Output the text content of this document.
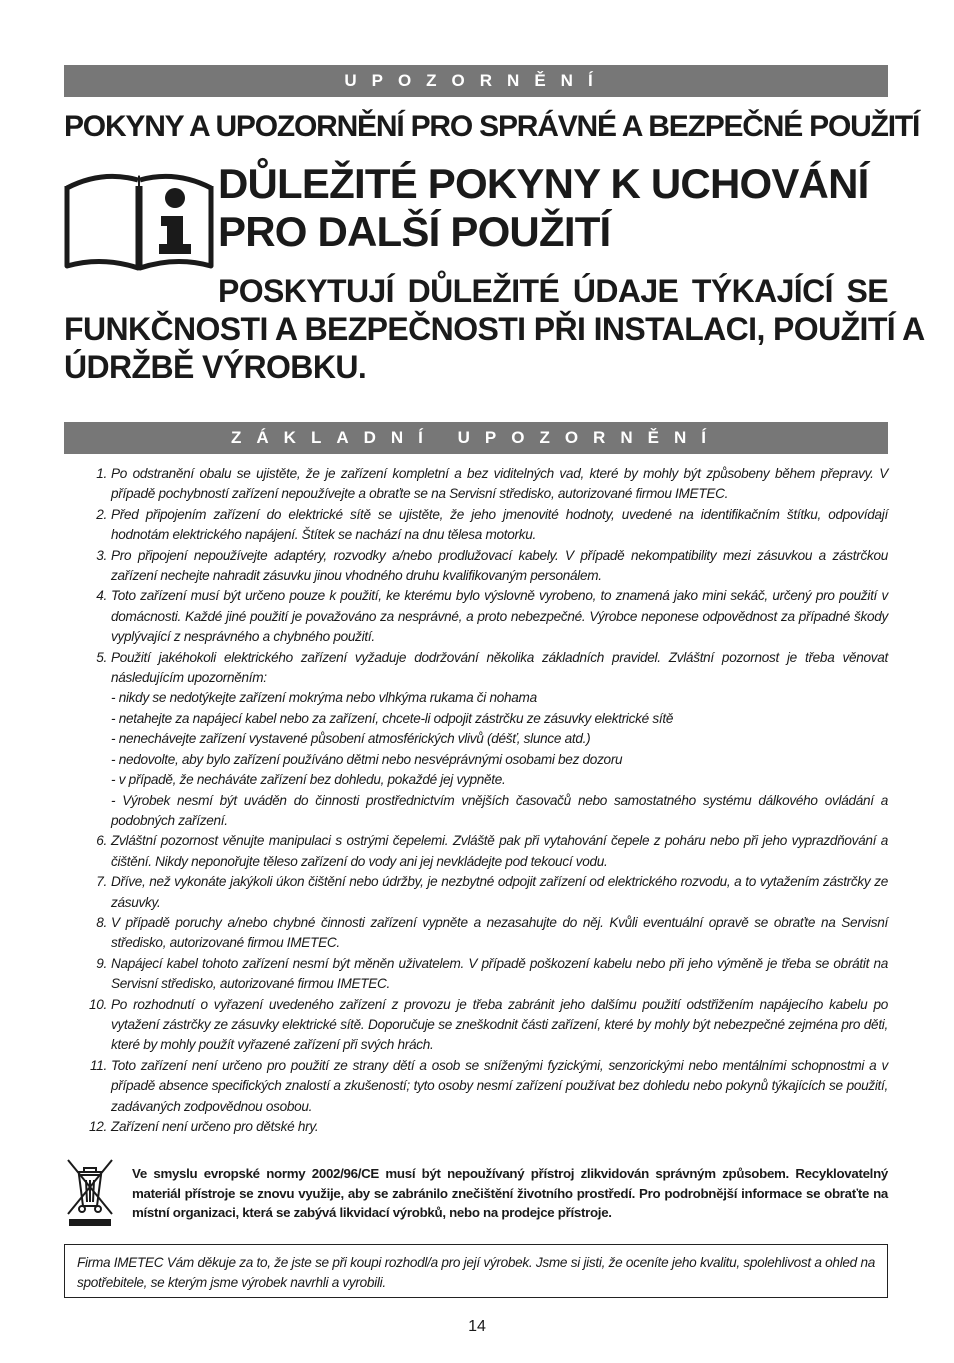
UPOZORNĚNÍ
POKYNY A UPOZORNĚNÍ PRO SPRÁVNÉ A BEZPEČNÉ POUŽITÍ
DŮLEŽITÉ POKYNY K UCHOVÁNÍ
PRO DALŠÍ POUŽITÍ
POSKYTUJÍ DŮLEŽITÉ ÚDAJE TÝKAJÍCÍ SE
FUNKČNOSTI A BEZPEČNOSTI PŘI INSTALACI, POUŽITÍ A
ÚDRŽBĚ VÝROBKU.
ZÁKLADNÍ UPOZORNĚNÍ
1. Po odstranění obalu se ujistěte, že je zařízení kompletní a bez viditelných vad, které by mohly být způsobeny během přepravy. V případě pochybností zařízení nepoužívejte a obraťte se na Servisní středisko, autorizované firmou IMETEC.
2. Před připojením zařízení do elektrické sítě se ujistěte, že jeho jmenovité hodnoty, uvedené na identifikačním štítku, odpovídají hodnotám elektrického napájení. Štítek se nachází na dnu tělesa motorku.
3. Pro připojení nepoužívejte adaptéry, rozvodky a/nebo prodlužovací kabely. V případě nekompatibility mezi zásuvkou a zástrčkou zařízení nechejte nahradit zásuvku jinou vhodného druhu kvalifikovaným personálem.
4. Toto zařízení musí být určeno pouze k použití, ke kterému bylo výslovně vyrobeno, to znamená jako mini sekáč, určený pro použití v domácnosti. Každé jiné použití je považováno za nesprávné, a proto nebezpečné. Výrobce neponese odpovědnost za případné škody vyplývající z nesprávného a chybného použití.
5. Použití jakéhokoli elektrického zařízení vyžaduje dodržování několika základních pravidel. Zvláštní pozornost je třeba věnovat následujícím upozorněním:
- nikdy se nedotýkejte zařízení mokrýma nebo vlhkýma rukama či nohama
- netahejte za napájecí kabel nebo za zařízení, chcete-li odpojit zástrčku ze zásuvky elektrické sítě
- nenechávejte zařízení vystavené působení atmosférických vlivů (déšť, slunce atd.)
- nedovolte, aby bylo zařízení používáno dětmi nebo nesvéprávnými osobami bez dozoru
- v případě, že necháváte zařízení bez dohledu, pokaždé jej vypněte.
- Výrobek nesmí být uváděn do činnosti prostřednictvím vnějších časovačů nebo samostatného systému dálkového ovládání a podobných zařízení.
6. Zvláštní pozornost věnujte manipulaci s ostrými čepelemi. Zvláště pak při vytahování čepele z poháru nebo při jeho vyprazdňování a čištění. Nikdy neponořujte těleso zařízení do vody ani jej nevkládejte pod tekoucí vodu.
7. Dříve, než vykonáte jakýkoli úkon čištění nebo údržby, je nezbytné odpojit zařízení od elektrického rozvodu, a to vytažením zástrčky ze zásuvky.
8. V případě poruchy a/nebo chybné činnosti zařízení vypněte a nezasahujte do něj. Kvůli eventuální opravě se obraťte na Servisní středisko, autorizované firmou IMETEC.
9. Napájecí kabel tohoto zařízení nesmí být měněn uživatelem. V případě poškození kabelu nebo při jeho výměně je třeba se obrátit na Servisní středisko, autorizované firmou IMETEC.
10. Po rozhodnutí o vyřazení uvedeného zařízení z provozu je třeba zabránit jeho dalšímu použití odstřižením napájecího kabelu po vytažení zástrčky ze zásuvky elektrické sítě. Doporučuje se zneškodnit části zařízení, které by mohly být nebezpečné zejména pro děti, které by mohly použít vyřazené zařízení při svých hrách.
11. Toto zařízení není určeno pro použití ze strany dětí a osob se sníženými fyzickými, senzorickými nebo mentálními schopnostmi a v případě absence specifických znalostí a zkušeností; tyto osoby nesmí zařízení používat bez dohledu nebo pokynů týkajících se použití, zadávaných zodpovědnou osobou.
12. Zařízení není určeno pro dětské hry.
Ve smyslu evropské normy 2002/96/CE musí být nepoužívaný přístroj zlikvidován správným způsobem. Recyklovatelný materiál přístroje se znovu využije, aby se zabránilo znečištění životního prostředí. Pro podrobnější informace se obraťte na místní organizaci, která se zabývá likvidací výrobků, nebo na prodejce přístroje.
Firma IMETEC Vám děkuje za to, že jste se při koupi rozhodl/a pro její výrobek. Jsme si jisti, že oceníte jeho kvalitu, spolehlivost a ohled na spotřebitele, se kterým jsme výrobek navrhli a vyrobili.
14
